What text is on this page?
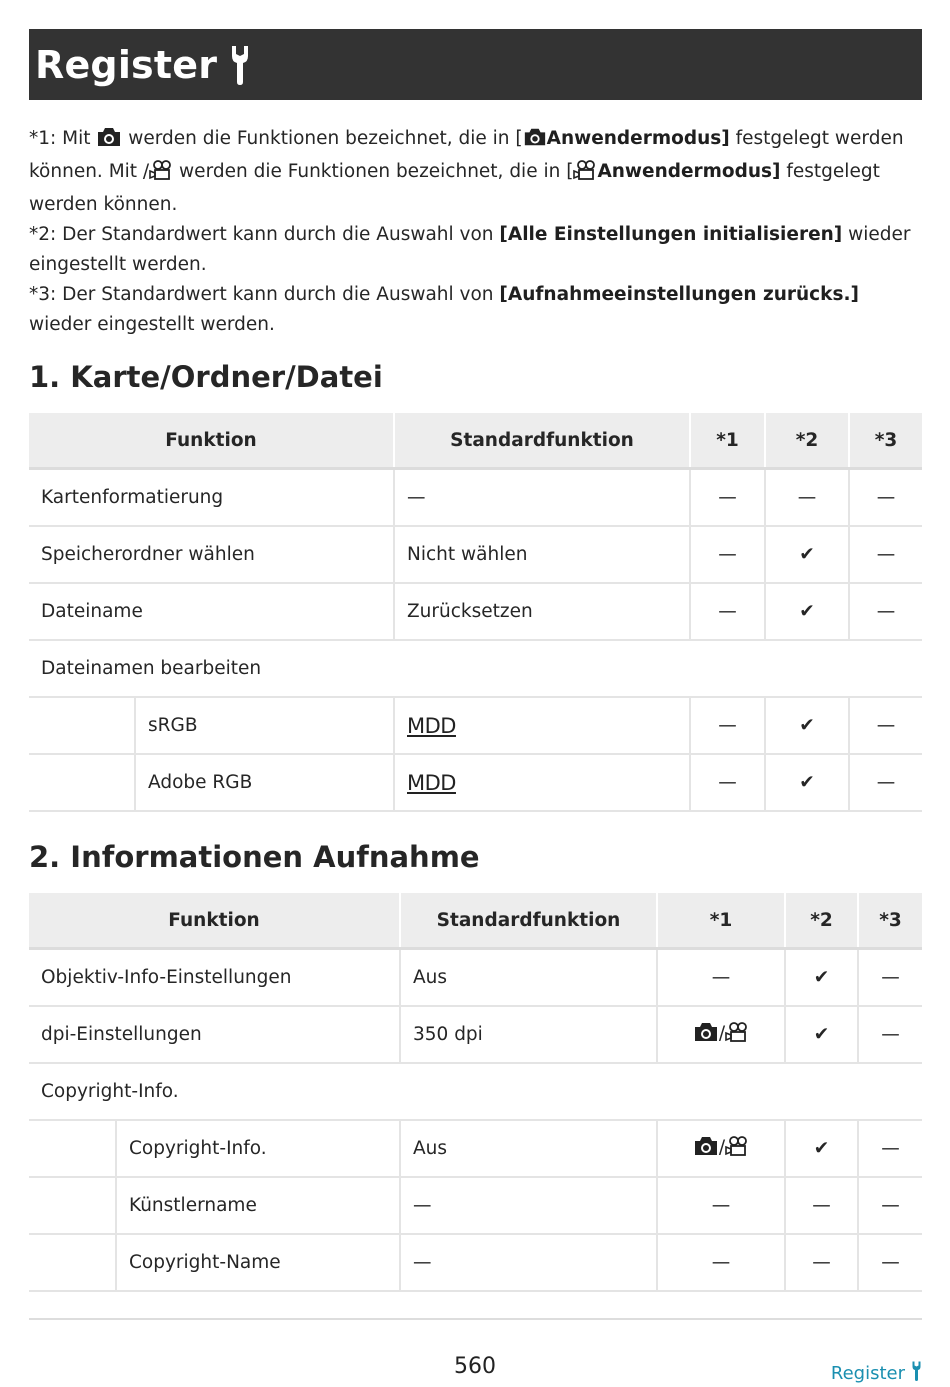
Register

*1: Mit  werden die Funktionen bezeichnet, die in [ Anwendermodus] festgelegt werden können. Mit / werden die Funktionen bezeichnet, die in [ Anwendermodus] festgelegt werden können.

*2: Der Standardwert kann durch die Auswahl von [Alle Einstellungen initialisieren] wieder eingestellt werden.

*3: Der Standardwert kann durch die Auswahl von [Aufnahmeeinstellungen zurücks.] wieder eingestellt werden.

1. Karte/Ordner/Datei
Funktion		Standardfunktion	*1	*2	*3
Kartenformatierung		—	—	—	—
Speicherordner wählen		Nicht wählen	—	✔	—
Dateiname		Zurücksetzen	—	✔	—
Dateinamen bearbeiten					
	sRGB	MDD	—	✔	—
	Adobe RGB	MDD	—	✔	—
2. Informationen Aufnahme
Funktion		Standardfunktion	*1	*2	*3
Objektiv-Info-Einstellungen		Aus	—	✔	—
dpi-Einstellungen		350 dpi	/	✔	—
Copyright-Info.					
	Copyright-Info.	Aus	/	✔	—
	Künstlername	—	—	—	—
	Copyright-Name	—	—	—	—
560	Register
